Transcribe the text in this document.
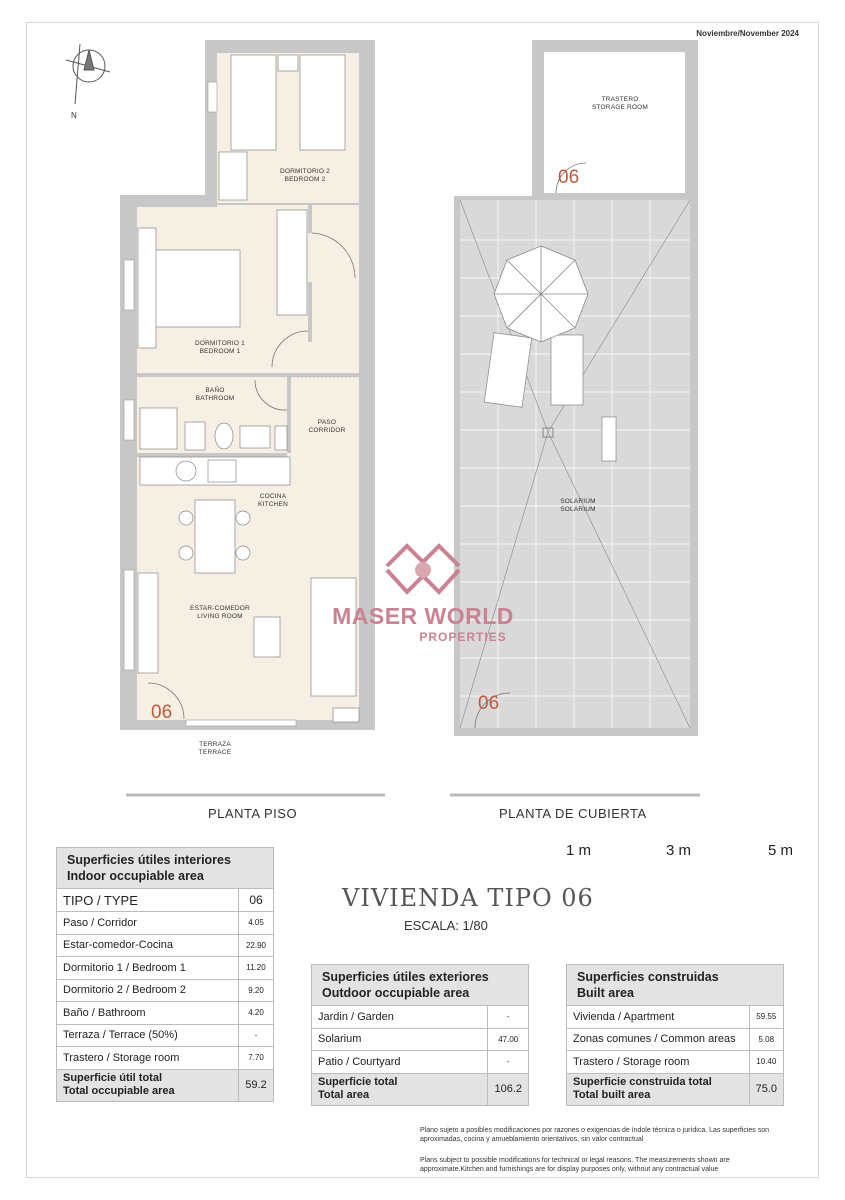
Noviembre/November 2024
N
DORMITORIO 2
BEDROOM 2
DORMITORIO 1
BEDROOM 1
BAÑO
BATHROOM
PASO
CORRIDOR
COCINA
KITCHEN
ESTAR-COMEDOR
LIVING ROOM
TERRAZA
TERRACE
06
TRASTERO
STORAGE ROOM
SOLARIUM
SOLARIUM
06
06
MASER WORLD
PROPERTIES
PLANTA PISO	PLANTA DE CUBIERTA
1 m	3 m	5 m
VIVIENDA TIPO 06
ESCALA: 1/80
Superficies útiles interiores
Indoor occupiable area	

TIPO / TYPE	06
Paso / Corridor	4.05
Estar-comedor-Cocina	22.90
Dormitorio 1 / Bedroom 1	11.20
Dormitorio 2 / Bedroom 2	9.20
Baño / Bathroom	4.20
Terraza / Terrace (50%)	-
Trastero / Storage room	7.70

Superficie útil total
Total occupiable area	59.2
Superficies útiles exteriores
Outdoor occupiable area	

Jardin / Garden	-
Solarium	47.00
Patio / Courtyard	-

Superficie total
Total area	106.2
Superficies construidas
Built area	

Vivienda / Apartment	59.55
Zonas comunes / Common areas	5.08
Trastero / Storage room	10.40

Superficie construida total
Total built area	75.0
Plano sujeto a posibles modificaciones por razones o exigencias de índole técnica o jurídica. Las superficies son aproximadas, cocina y amueblamiento orientativos, sin valor contractual
Plans subject to possible modifications for technical or legal reasons. The measurements shown are approximate.Kitchen and furnishings are for display purposes only, without any contractual value
